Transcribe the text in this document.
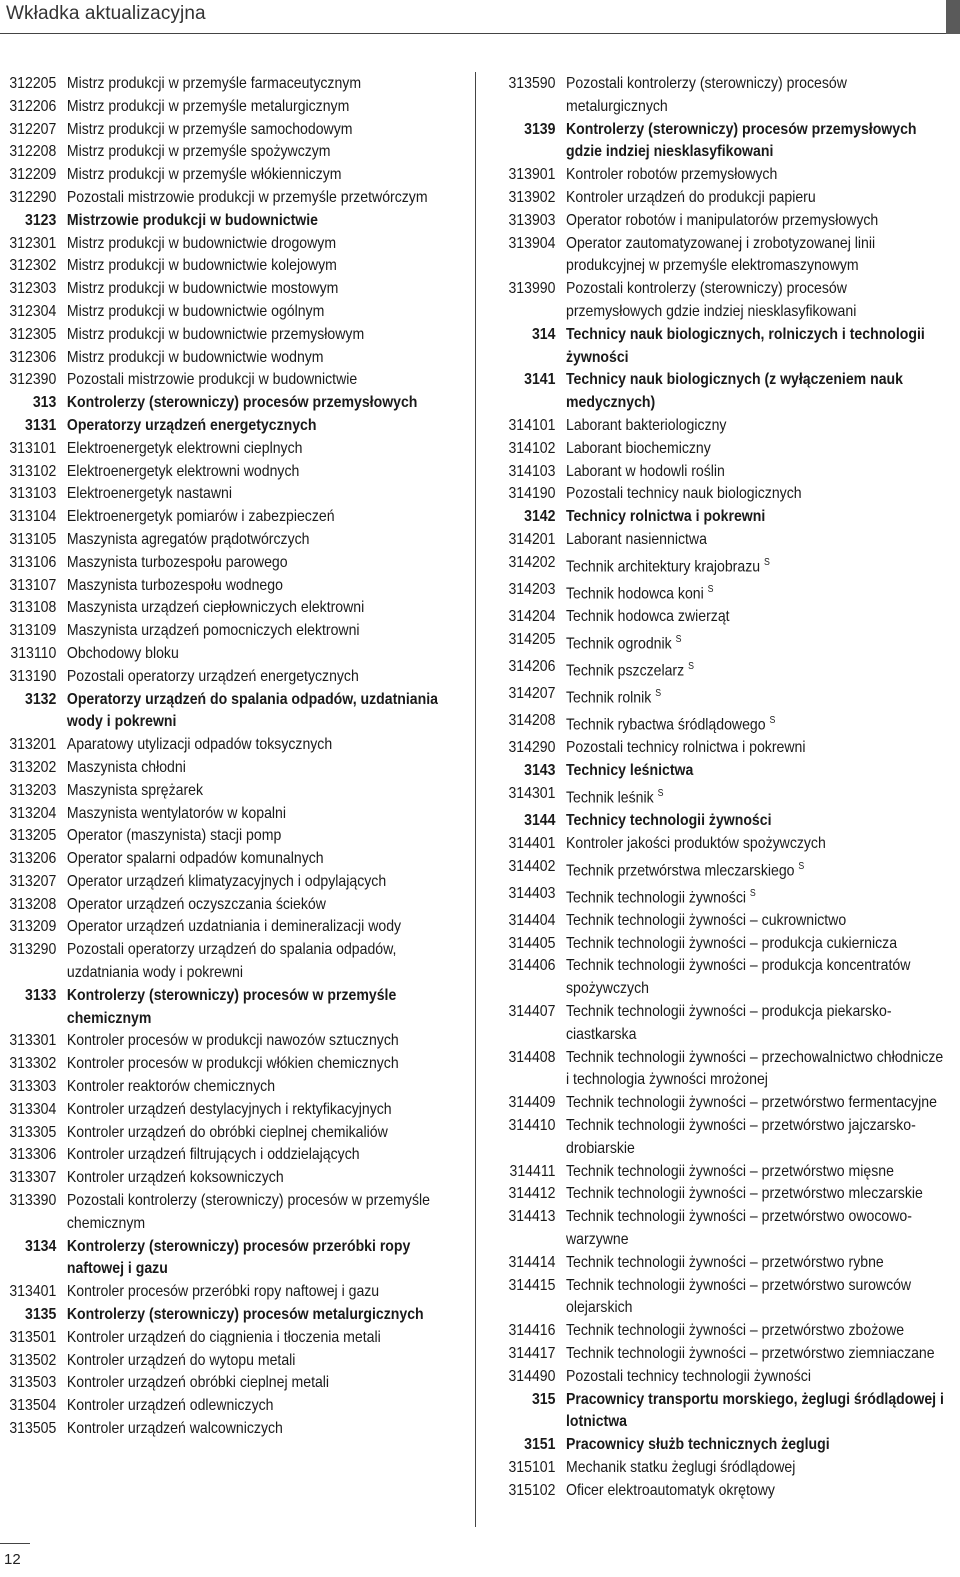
Wkładka aktualizacyjna
312205 Mistrz produkcji w przemyśle farmaceutycznym
312206 Mistrz produkcji w przemyśle metalurgicznym
312207 Mistrz produkcji w przemyśle samochodowym
312208 Mistrz produkcji w przemyśle spożywczym
312209 Mistrz produkcji w przemyśle włókienniczym
312290 Pozostali mistrzowie produkcji w przemyśle przetwórczym
3123 Mistrzowie produkcji w budownictwie
312301 Mistrz produkcji w budownictwie drogowym
312302 Mistrz produkcji w budownictwie kolejowym
312303 Mistrz produkcji w budownictwie mostowym
312304 Mistrz produkcji w budownictwie ogólnym
312305 Mistrz produkcji w budownictwie przemysłowym
312306 Mistrz produkcji w budownictwie wodnym
312390 Pozostali mistrzowie produkcji w budownictwie
313 Kontrolerzy (sterowniczy) procesów przemysłowych
3131 Operatorzy urządzeń energetycznych
313101 Elektroenergetyk elektrowni cieplnych
313102 Elektroenergetyk elektrowni wodnych
313103 Elektroenergetyk nastawni
313104 Elektroenergetyk pomiarów i zabezpieczeń
313105 Maszynista agregatów prądotwórczych
313106 Maszynista turbozespołu parowego
313107 Maszynista turbozespołu wodnego
313108 Maszynista urządzeń ciepłowniczych elektrowni
313109 Maszynista urządzeń pomocniczych elektrowni
313110 Obchodowy bloku
313190 Pozostali operatorzy urządzeń energetycznych
3132 Operatorzy urządzeń do spalania odpadów, uzdatniania wody i pokrewni
313201 Aparatowy utylizacji odpadów toksycznych
313202 Maszynista chłodni
313203 Maszynista sprężarek
313204 Maszynista wentylatorów w kopalni
313205 Operator (maszynista) stacji pomp
313206 Operator spalarni odpadów komunalnych
313207 Operator urządzeń klimatyzacyjnych i odpylających
313208 Operator urządzeń oczyszczania ścieków
313209 Operator urządzeń uzdatniania i demineralizacji wody
313290 Pozostali operatorzy urządzeń do spalania odpadów, uzdatniania wody i pokrewni
3133 Kontrolerzy (sterowniczy) procesów w przemyśle chemicznym
313301 Kontroler procesów w produkcji nawozów sztucznych
313302 Kontroler procesów w produkcji włókien chemicznych
313303 Kontroler reaktorów chemicznych
313304 Kontroler urządzeń destylacyjnych i rektyfikacyjnych
313305 Kontroler urządzeń do obróbki cieplnej chemikaliów
313306 Kontroler urządzeń filtrujących i oddzielających
313307 Kontroler urządzeń koksowniczych
313390 Pozostali kontrolerzy (sterowniczy) procesów w przemyśle chemicznym
3134 Kontrolerzy (sterowniczy) procesów przeróbki ropy naftowej i gazu
313401 Kontroler procesów przeróbki ropy naftowej i gazu
3135 Kontrolerzy (sterowniczy) procesów metalurgicznych
313501 Kontroler urządzeń do ciągnienia i tłoczenia metali
313502 Kontroler urządzeń do wytopu metali
313503 Kontroler urządzeń obróbki cieplnej metali
313504 Kontroler urządzeń odlewniczych
313505 Kontroler urządzeń walcowniczych
313590 Pozostali kontrolerzy (sterowniczy) procesów metalurgicznych
3139 Kontrolerzy (sterowniczy) procesów przemysłowych gdzie indziej niesklasyfikowani
313901 Kontroler robotów przemysłowych
313902 Kontroler urządzeń do produkcji papieru
313903 Operator robotów i manipulatorów przemysłowych
313904 Operator zautomatyzowanej i zrobotyzowanej linii produkcyjnej w przemyśle elektromaszynowym
313990 Pozostali kontrolerzy (sterowniczy) procesów przemysłowych gdzie indziej niesklasyfikowani
314 Technicy nauk biologicznych, rolniczych i technologii żywności
3141 Technicy nauk biologicznych (z wyłączeniem nauk medycznych)
314101 Laborant bakteriologiczny
314102 Laborant biochemiczny
314103 Laborant w hodowli roślin
314190 Pozostali technicy nauk biologicznych
3142 Technicy rolnictwa i pokrewni
314201 Laborant nasiennictwa
314202 Technik architektury krajobrazu $^S$
314203 Technik hodowca koni $^S$
314204 Technik hodowca zwierząt
314205 Technik ogrodnik $^S$
314206 Technik pszczelarz $^S$
314207 Technik rolnik $^S$
314208 Technik rybactwa śródlądowego $^S$
314290 Pozostali technicy rolnictwa i pokrewni
3143 Technicy leśnictwa
314301 Technik leśnik $^S$
3144 Technicy technologii żywności
314401 Kontroler jakości produktów spożywczych
314402 Technik przetwórstwa mleczarskiego $^S$
314403 Technik technologii żywności $^S$
314404 Technik technologii żywności – cukrownictwo
314405 Technik technologii żywności – produkcja cukiernicza
314406 Technik technologii żywności – produkcja koncentratów spożywczych
314407 Technik technologii żywności – produkcja piekarsko-ciastkarska
314408 Technik technologii żywności – przechowalnictwo chłodnicze i technologia żywności mrożonej
314409 Technik technologii żywności – przetwórstwo fermentacyjne
314410 Technik technologii żywności – przetwórstwo jajczarsko-drobiarskie
314411 Technik technologii żywności – przetwórstwo mięsne
314412 Technik technologii żywności – przetwórstwo mleczarskie
314413 Technik technologii żywności – przetwórstwo owocowo-warzywne
314414 Technik technologii żywności – przetwórstwo rybne
314415 Technik technologii żywności – przetwórstwo surowców olejarskich
314416 Technik technologii żywności – przetwórstwo zbożowe
314417 Technik technologii żywności – przetwórstwo ziemniaczane
314490 Pozostali technicy technologii żywności
315 Pracownicy transportu morskiego, żeglugi śródlądowej i lotnictwa
3151 Pracownicy służb technicznych żeglugi
315101 Mechanik statku żeglugi śródlądowej
315102 Oficer elektroautomatyk okrętowy
12
